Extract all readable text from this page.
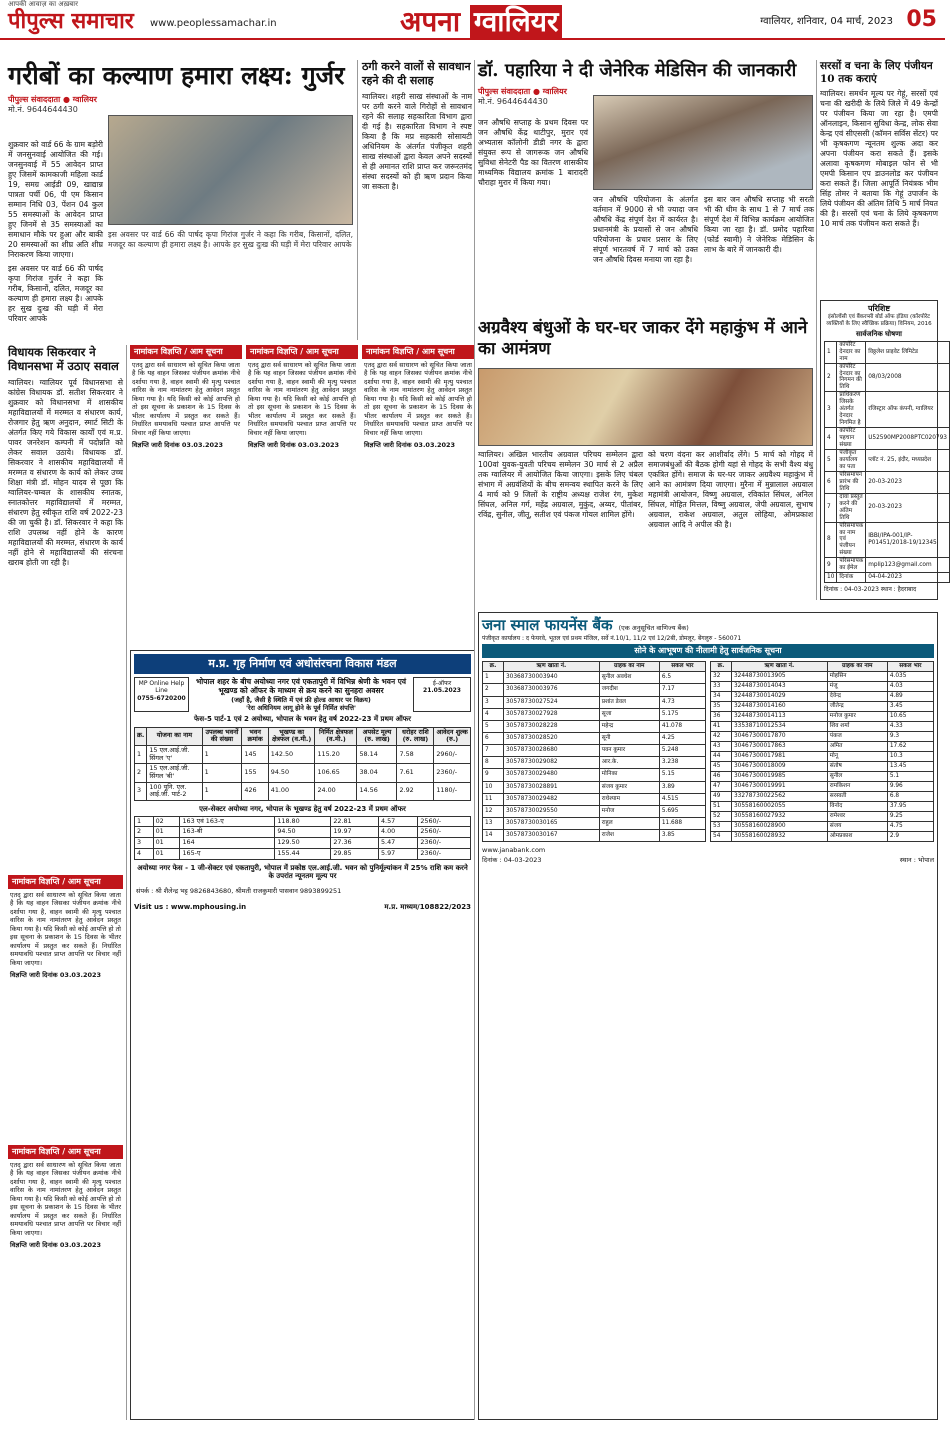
आपकी आवाज़ का अख़बार
पीपुल्स समाचार www.peoplessamachar.in	अपना ग्वालियर	ग्वालियर, शनिवार, 04 मार्च, 2023 05
गरीबों का कल्याण हमारा लक्ष्य: गुर्जर
पीपुल्स संवाददाता ● ग्वालियर
मो.नं. 9644644430

शुक्रवार को वार्ड 66 के ग्राम बड़ोरी में जनसुनवाई आयोजित की गई। जनसुनवाई में 55 आवेदन प्राप्त हुए जिसमें कामकाजी महिला कार्ड 19, समग्र आईडी 09, खाद्यान्न पात्रता पर्ची 06, पी एम किसान सम्मान निधि 03, पेंशन 04 कुल 55 समस्याओं के आवेदन प्राप्त हुए जिनमें से 35 समस्याओं का समाधान मौके पर हुआ और बाकी 20 समस्याओं का शीघ्र अति शीघ्र निराकरण किया जाएगा।

इस अवसर पर वार्ड 66 की पार्षद कृपा गिरांज गुर्जर ने कहा कि गरीब, किसानों, दलित, मजदूर का कल्याण ही हमारा लक्ष्य है। आपके हर सुख दुःख की घड़ी में मेरा परिवार आपके

इस अवसर पर वार्ड 66 की पार्षद कृपा गिरांज गुर्जर ने कहा कि गरीब, किसानों, दलित, मजदूर का कल्याण ही हमारा लक्ष्य है। आपके हर सुख दुःख की घड़ी में मेरा परिवार आपके

ठगी करने वालों से सावधान रहने की दी सलाह

ग्वालियर। शहरी साख संस्थाओं के नाम पर ठगी करने वाले गिरोहों से सावधान रहने की सलाह सहकारिता विभाग द्वारा दी गई है। सहकारिता विभाग ने स्पष्ट किया है कि मप्र सहकारी सोसायटी अधिनियम के अंतर्गत पंजीकृत शहरी साख संस्थाओं द्वारा केवल अपने सदस्यों से ही अमानत राशि प्राप्त कर जरूरतमंद संस्था सदस्यों को ही ऋण प्रदान किया जा सकता है।

डॉ. पहारिया ने दी जेनेरिक मेडिसिन की जानकारी
पीपुल्स संवाददाता ● ग्वालियर
मो.नं. 9644644430

जन औषधि सप्ताह के प्रथम दिवस पर जन औषधि केंद्र थाटीपुर, मुरार एवं अभ्यतास कॉलोनी डीडी नगर के द्वारा संयुक्त रूप से जागरूक जन औषधि सुविधा सेनेटरी पैड का वितरण शासकीय माध्यमिक विद्यालय क्रमांक 1 बारादरी चौराहा मुरार में किया गया।

जन औषधि परियोजना के अंतर्गत वर्तमान में 9000 से भी ज्यादा जन औषधि केंद्र संपूर्ण देश में कार्यरत है। प्रधानमंत्री के प्रयासों से जन औषधि परियोजना के प्रचार प्रसार के लिए संपूर्ण भारतवर्ष में 7 मार्च को उक्त जन औषधि दिवस मनाया जा रहा है।

इस बार जन औषधि सप्ताह भी सरती भी की थीम के साथ 1 से 7 मार्च तक संपूर्ण देश में विभिन्न कार्यक्रम आयोजित किया जा रहा है। डॉ. प्रमोद पहारिया (फोर्ड स्वामी) ने जेनेरिक मेडिसिन के लाभ के बारे में जानकारी दी।

सरसों व चना के लिए पंजीयन 10 तक कराएं

ग्वालियर। समर्थन मूल्य पर गेहूं, सरसों एवं चना की खरीदी के लिये जिले में 49 केन्द्रों पर पंजीयन किया जा रहा है। एमपी ऑनलाइन, किसान सुविधा केन्द्र, लोक सेवा केन्द्र एवं सीएससी (कॉमन सर्विस सेंटर) पर भी कृषकगण न्यूनतम शुल्क अदा कर अपना पंजीयन करा सकते हैं। इसके अलावा कृषकगण मोबाइल फोन से भी एमपी किसान एप डाउनलोड कर पंजीयन करा सकते हैं। जिला आपूर्ति नियंत्रक भीम सिंह तोमर ने बताया कि गेहूं उपार्जन के लिये पंजीयन की अंतिम तिथि 5 मार्च नियत की है। सरसों एवं चना के लिये कृषकगण 10 मार्च तक पंजीयन करा सकते हैं।

अग्रवैश्य बंधुओं के घर-घर जाकर देंगे महाकुंभ में आने का आमंत्रण

ग्वालियर। अखिल भारतीय अग्रवाल परिचय सम्मेलन द्वारा 100वां युवक-युवती परिचय सम्मेलन 30 मार्च से 2 अप्रैल तक ग्वालियर में आयोजित किया जाएगा। इसके लिए चंबल संभाग में अग्रवंशियों के बीच समन्वय स्थापित करने के लिए 4 मार्च को 9 जिलों के राष्ट्रीय अध्यक्ष राजेश रंग, मुकेश सिंघल, अनिल गर्ग, महेंद्र अग्रवाल, मुकुंद, अय्यर, पीतांबर, रविंद्र, सुनील, जीतू, सतीश एवं पंकज गोयल शामिल होंगे।

को चरण वंदना कर आशीर्वाद लेंगे। 5 मार्च को गोहद में समाजबंधुओं की बैठक होगी यहां से गोहद के सभी वैश्य बंधु एकत्रित होंगे। समाज के घर-घर जाकर अग्रवैश्य महाकुंभ में आने का आमंत्रण दिया जाएगा। मुरैना में मुन्नालाल अग्रवाल महामंत्री आयोजन, विष्णु अग्रवाल, रविकांत सिंघल, अनिल सिंघल, मोहित मित्तल, विष्णु अग्रवाल, जेपी अग्रवाल, सुभाष अग्रवाल, राकेश अग्रवाल, अतुल लोहिया, ओमप्रकाश अग्रवाल आदि ने अपील की है।

परिशिष्ट
इंसोल्वेंसी एवं बैंकरप्सी बोर्ड ऑफ इंडिया (कॉरपोरेट व्यक्तियों के लिए स्वैच्छिक प्रक्रिया) विनियम, 2016
सार्वजनिक घोषणा
1	कॉर्पोरेट देनदार का नाम	विठ्ठलेश प्राइवेट लिमिटेड
2	कॉर्पोरेट देनदार का निगमन की तिथि	08/03/2008
3	प्राधिकरण जिसके अंतर्गत देनदार निगमित है	रजिस्ट्रार ऑफ कंपनी, ग्वालियर
4	कॉर्पोरेट पहचान संख्या	U52590MP2008PTC020793
5	पंजीकृत कार्यालय का पता	प्लॉट नं. 25, इंदौर, मध्यप्रदेश
6	परिसमापन प्रारंभ की तिथि	20-03-2023
7	दावा प्रस्तुत करने की अंतिम तिथि	20-03-2023
8	परिसमापक का नाम एवं पंजीयन संख्या	IBBI/IPA-001/IP-P01451/2018-19/12345
9	परिसमापक का ईमेल	mplip123@gmail.com
10	दिनांक	04-04-2023
दिनांक : 04-03-2023 स्थान : हैदराबाद
विधायक सिकरवार ने विधानसभा में उठाए सवाल

ग्वालियर। ग्वालियर पूर्व विधानसभा से कांग्रेस विधायक डॉ. सतीश सिकरवार ने शुक्रवार को विधानसभा में शासकीय महाविद्यालयों में मरम्मत व संधारण कार्य, रोजगार हेतु ऋण अनुदान, स्मार्ट सिटी के अंतर्गत किए गये विकास कार्यों एवं म.प्र. पावर जनरेशन कम्पनी में पदोन्नति को लेकर सवाल उठाये। विधायक डॉ. सिकरवार ने शासकीय महाविद्यालयों में मरम्मत व संधारण के कार्य को लेकर उच्च शिक्षा मंत्री डॉ. मोहन यादव से पूछा कि ग्वालियर-चम्बल के शासकीय स्नातक, स्नातकोत्तर महाविद्यालयों में मरम्मत, संधारण हेतु स्वीकृत राशि वर्ष 2022-23 की जा चुकी है। डॉ. सिकरवार ने कहा कि राशि उपलब्ध नहीं होने के कारण महाविद्यालयों की मरम्मत, संधारण के कार्य नहीं होने से महाविद्यालयों की संरचना खराब होती जा रही है।

नामांकन विज्ञप्ति / आम सूचना
एतद् द्वारा सर्व साधारण को सूचित किया जाता है कि यह वाहन जिसका पंजीयन क्रमांक नीचे दर्शाया गया है, वाहन स्वामी की मृत्यु पश्चात वारिस के नाम नामांतरण हेतु आवेदन प्रस्तुत किया गया है। यदि किसी को कोई आपत्ति हो तो इस सूचना के प्रकाशन के 15 दिवस के भीतर कार्यालय में प्रस्तुत कर सकते हैं। निर्धारित समयावधि पश्चात प्राप्त आपत्ति पर विचार नहीं किया जाएगा।
विज्ञप्ति जारी दिनांक 03.03.2023
नामांकन विज्ञप्ति / आम सूचना
एतद् द्वारा सर्व साधारण को सूचित किया जाता है कि यह वाहन जिसका पंजीयन क्रमांक नीचे दर्शाया गया है, वाहन स्वामी की मृत्यु पश्चात वारिस के नाम नामांतरण हेतु आवेदन प्रस्तुत किया गया है। यदि किसी को कोई आपत्ति हो तो इस सूचना के प्रकाशन के 15 दिवस के भीतर कार्यालय में प्रस्तुत कर सकते हैं। निर्धारित समयावधि पश्चात प्राप्त आपत्ति पर विचार नहीं किया जाएगा।
विज्ञप्ति जारी दिनांक 03.03.2023
नामांकन विज्ञप्ति / आम सूचना
एतद् द्वारा सर्व साधारण को सूचित किया जाता है कि यह वाहन जिसका पंजीयन क्रमांक नीचे दर्शाया गया है, वाहन स्वामी की मृत्यु पश्चात वारिस के नाम नामांतरण हेतु आवेदन प्रस्तुत किया गया है। यदि किसी को कोई आपत्ति हो तो इस सूचना के प्रकाशन के 15 दिवस के भीतर कार्यालय में प्रस्तुत कर सकते हैं। निर्धारित समयावधि पश्चात प्राप्त आपत्ति पर विचार नहीं किया जाएगा।
विज्ञप्ति जारी दिनांक 03.03.2023
नामांकन विज्ञप्ति / आम सूचना
एतद् द्वारा सर्व साधारण को सूचित किया जाता है कि यह वाहन जिसका पंजीयन क्रमांक नीचे दर्शाया गया है, वाहन स्वामी की मृत्यु पश्चात वारिस के नाम नामांतरण हेतु आवेदन प्रस्तुत किया गया है। यदि किसी को कोई आपत्ति हो तो इस सूचना के प्रकाशन के 15 दिवस के भीतर कार्यालय में प्रस्तुत कर सकते हैं। निर्धारित समयावधि पश्चात प्राप्त आपत्ति पर विचार नहीं किया जाएगा।
विज्ञप्ति जारी दिनांक 03.03.2023
नामांकन विज्ञप्ति / आम सूचना
एतद् द्वारा सर्व साधारण को सूचित किया जाता है कि यह वाहन जिसका पंजीयन क्रमांक नीचे दर्शाया गया है, वाहन स्वामी की मृत्यु पश्चात वारिस के नाम नामांतरण हेतु आवेदन प्रस्तुत किया गया है। यदि किसी को कोई आपत्ति हो तो इस सूचना के प्रकाशन के 15 दिवस के भीतर कार्यालय में प्रस्तुत कर सकते हैं। निर्धारित समयावधि पश्चात प्राप्त आपत्ति पर विचार नहीं किया जाएगा।
विज्ञप्ति जारी दिनांक 03.03.2023
म.प्र. गृह निर्माण एवं अधोसंरचना विकास मंडल
MP Online Help Line
0755-6720200
भोपाल शहर के बीच अयोध्या नगर एवं एकतापुरी में विभिन्न श्रेणी के भवन एवं भूखण्ड को ऑफर के माध्यम से क्रय करने का सुनहरा अवसर
(जहाँ है, जैसी है स्थिति में एवं फ्री होल्ड आधार पर विक्रय)
'रेरा अधिनियम लागू होने के पूर्व निर्मित संपत्ति'
ई-ऑफर
21.05.2023
फेस-5 पार्ट-1 एवं 2 अयोध्या, भोपाल के भवन हेतु वर्ष 2022-23 में प्रथम ऑफर
क्र.	योजना का नाम	उपलब्ध भवनों की संख्या	भवन क्रमांक	भूखण्ड का क्षेत्रफल (व.मी.)	निर्मित क्षेत्रफल (व.मी.)	अपसेट मूल्य (रु. लाख)	धरोहर राशि (रु. लाख)	आवेदन शुल्क (रु.)
1	15 एल.आई.जी. सिंगल 'ए'	1	145	142.50	115.20	58.14	7.58	2960/-
2	15 एल.आई.जी. सिंगल 'बी'	1	155	94.50	106.65	38.04	7.61	2360/-
3	100 यूनि. एल. आई.जी. पार्ट-2	1	426	41.00	24.00	14.56	2.92	1180/-
एल-सेक्टर अयोध्या नगर, भोपाल के भूखण्ड हेतु वर्ष 2022-23 में प्रथम ऑफर
1	02	163 एवं 163-ए	118.80	22.81	4.57	2560/-
2	01	163-बी	94.50	19.97	4.00	2560/-
3	01	164	129.50	27.36	5.47	2360/-
4	01	165-ए	155.44	29.85	5.97	2360/-
अयोध्या नगर फेस - 1 जी-सेक्टर एवं एकतापुरी, भोपाल में प्रकोष्ठ एल.आई.जी. भवन को पुनिर्मूल्यांकन में 25% राशि कम करने के उपरांत न्यूनतम मूल्य पर
संपर्क : श्री शैलेन्द्र भट्ट 9826843680, श्रीमती राजकुमारी पासवान 9893899251
Visit us : www.mphousing.in	म.प्र. माध्यम/108822/2023
जना स्माल फायनेंस बैंक (एक अनुसूचित वाणिज्य बैंक)
पंजीकृत कार्यालय : द फेयरवे, भूतल एवं प्रथम मंजिल, सर्वे नं.10/1, 11/2 एवं 12/2बी, डोमलूर, बेंगलुरु - 560071
सोने के आभूषण की नीलामी हेतु सार्वजनिक सूचना
क्र.	ऋण खाता नं.	ग्राहक का नाम	सकल भार
1	30368730003940	सुनील अवधेश	6.5
2	30368730003976	जगदीश	7.17
3	30578730027524	प्रशांत डेवल	4.73
4	30578730027928	सूजा	5.175
5	30578730028228	महेन्द्र	41.078
6	30578730028520	सूनी	4.25
7	30578730028680	पवन कुमार	5.248
8	30578730029082	आर.के.	3.238
9	30578730029480	मोनिका	5.15
10	30578730028891	संजय कुमार	3.89
11	30578730029482	राधेश्याम	4.515
12	30578730029550	मनोज	5.695
13	30578730030165	राहुल	11.688
14	30578730030167	राजेश	3.85
क्र.	ऋण खाता नं.	ग्राहक का नाम	सकल भार
32	32448730013905	मोहसिन	4.035
33	32448730014043	मंजू	4.03
34	32448730014029	देवेन्द्र	4.89
35	32448730014160	जीतेन्द्र	3.45
36	32448730014113	मनोज कुमार	10.65
41	33538710012534	शिव शर्मा	4.33
42	30467300017870	पंकज	9.3
43	30467300017863	अमित	17.62
44	30467300017981	मोनू	10.3
45	30467300018009	संतोष	13.45
46	30467300019985	सुनील	5.1
47	30467300019991	रामकिशन	9.96
49	33278730022562	सरस्वती	6.8
51	30558160002055	विनोद	37.95
52	30558160027932	रामेश्वर	9.25
53	30558160028900	संजय	4.75
54	30558160028932	ओमप्रकाश	2.9
www.janabank.com
दिनांक : 04-03-2023	स्थान : भोपाल
